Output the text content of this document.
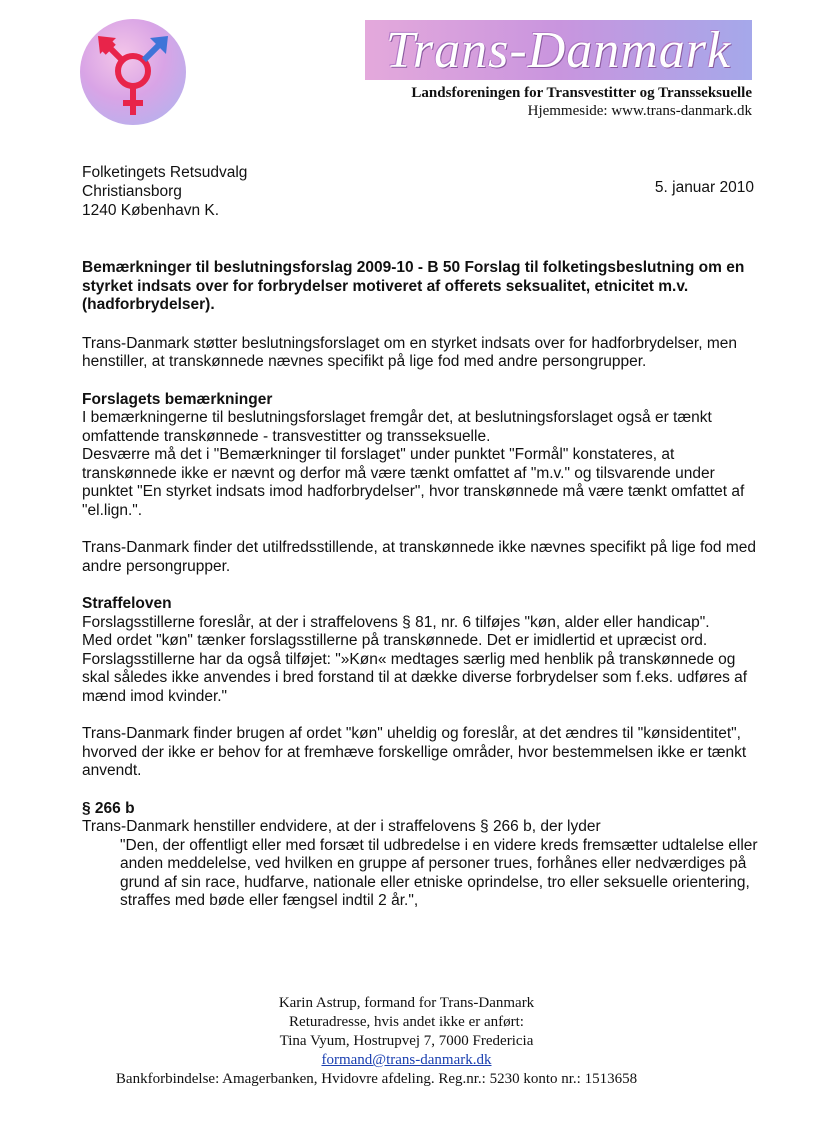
Trans-Danmark
Landsforeningen for Transvestitter og Transseksuelle
Hjemmeside: www.trans-danmark.dk
Folketingets Retsudvalg
Christiansborg
1240 København K.
5. januar 2010

Bemærkninger til beslutningsforslag 2009-10 - B 50 Forslag til folketingsbeslutning om en styrket indsats over for forbrydelser motiveret af offerets seksualitet, etnicitet m.v. (hadforbrydelser).

Trans-Danmark støtter beslutningsforslaget om en styrket indsats over for hadforbrydelser, men henstiller, at transkønnede nævnes specifikt på lige fod med andre persongrupper.

Forslagets bemærkninger

I bemærkningerne til beslutningsforslaget fremgår det, at beslutningsforslaget også er tænkt omfattende transkønnede - transvestitter og transseksuelle.

Desværre må det i "Bemærkninger til forslaget" under punktet "Formål" konstateres, at transkønnede ikke er nævnt og derfor må være tænkt omfattet af "m.v." og tilsvarende under punktet "En styrket indsats imod hadforbrydelser", hvor transkønnede må være tænkt omfattet af "el.lign.".

Trans-Danmark finder det utilfredsstillende, at transkønnede ikke nævnes specifikt på lige fod med andre persongrupper.

Straffeloven

Forslagsstillerne foreslår, at der i straffelovens § 81, nr. 6 tilføjes "køn, alder eller handicap".

Med ordet "køn" tænker forslagsstillerne på transkønnede. Det er imidlertid et upræcist ord. Forslagsstillerne har da også tilføjet: "»Køn« medtages særlig med henblik på transkønnede og skal således ikke anvendes i bred forstand til at dække diverse forbrydelser som f.eks. udføres af mænd imod kvinder."

Trans-Danmark finder brugen af ordet "køn" uheldig og foreslår, at det ændres til "kønsidentitet", hvorved der ikke er behov for at fremhæve forskellige områder, hvor bestemmelsen ikke er tænkt anvendt.

§ 266 b

Trans-Danmark henstiller endvidere, at der i straffelovens § 266 b, der lyder

"Den, der offentligt eller med forsæt til udbredelse i en videre kreds fremsætter udtalelse eller anden meddelelse, ved hvilken en gruppe af personer trues, forhånes eller nedværdiges på grund af sin race, hudfarve, nationale eller etniske oprindelse, tro eller seksuelle orientering, straffes med bøde eller fængsel indtil 2 år.",

Karin Astrup, formand for Trans-Danmark
Returadresse, hvis andet ikke er anført:
Tina Vyum, Hostrupvej 7, 7000 Fredericia
formand@trans-danmark.dk
Bankforbindelse: Amagerbanken, Hvidovre afdeling. Reg.nr.: 5230 konto nr.: 1513658
